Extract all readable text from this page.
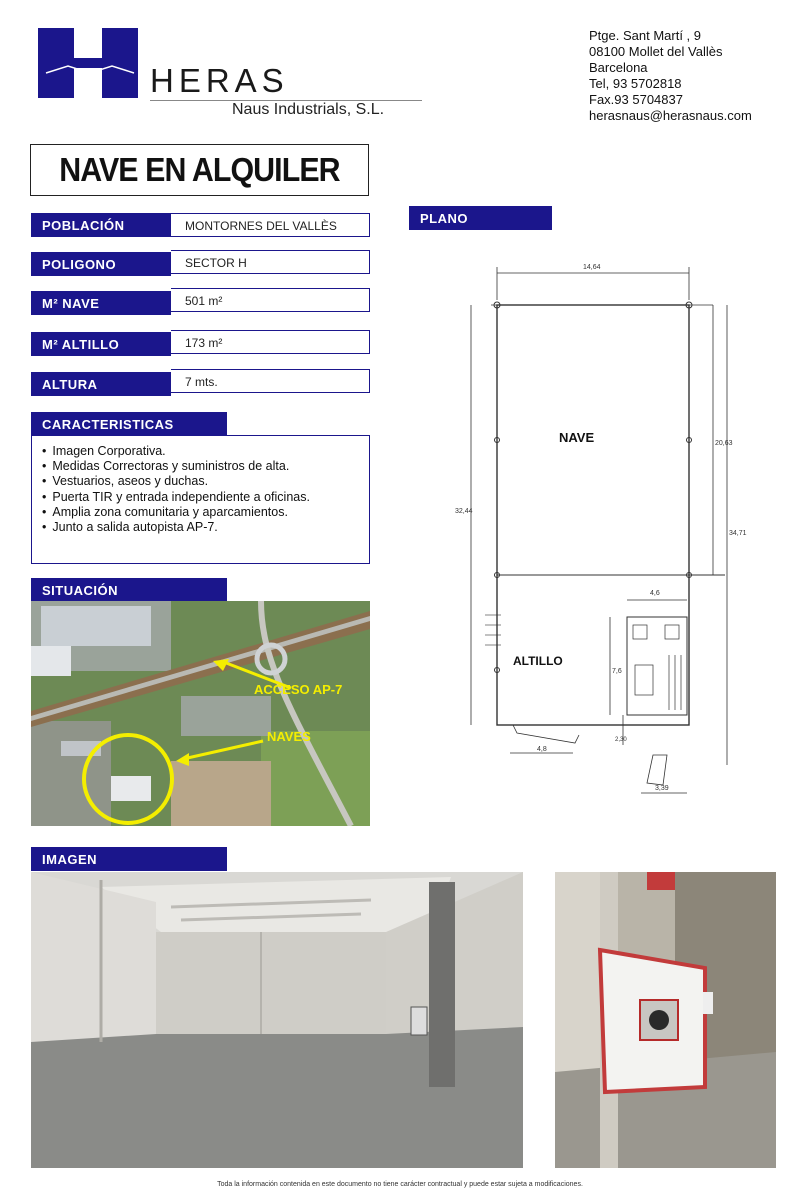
HERAS
Naus Industrials, S.L.
Ptge. Sant Martí , 9
08100 Mollet del Vallès
Barcelona
Tel, 93 5702818
Fax.93 5704837
herasnaus@herasnaus.com
NAVE EN ALQUILER
POBLACIÓN	MONTORNES DEL VALLÈS
POLIGONO	SECTOR H
M² NAVE	501 m²
M² ALTILLO	173 m²
ALTURA	7 mts.
CARACTERISTICAS
• Imagen Corporativa.
• Medidas Correctoras y suministros de alta.
• Vestuarios, aseos y duchas.
• Puerta TIR y entrada independiente a oficinas.
• Amplia zona comunitaria y aparcamientos.
• Junto a salida autopista AP-7.
SITUACIÓN
ACCESO AP-7
NAVES
PLANO
14,64
32,44
20,63
34,71
NAVE
ALTILLO
4,6
7,6
4,8
2,30
3,39
IMAGEN
Toda la información contenida en este documento no tiene carácter contractual y puede estar sujeta a modificaciones.
